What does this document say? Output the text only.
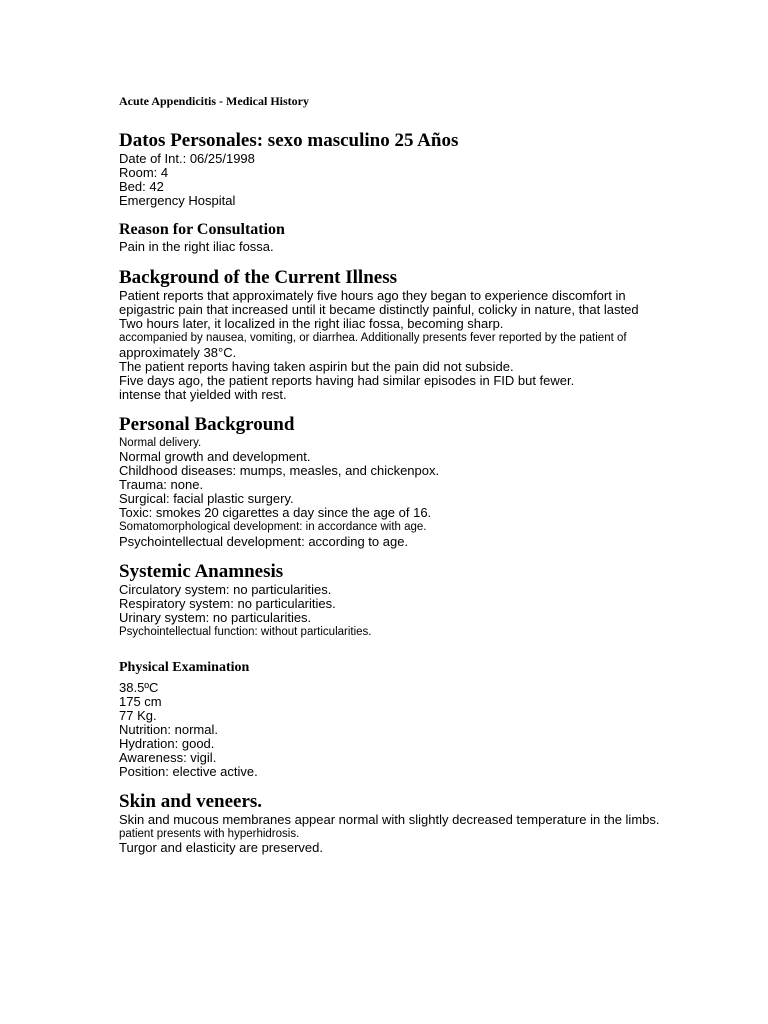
Acute Appendicitis - Medical History
Datos Personales: sexo masculino 25 Años
Date of Int.: 06/25/1998
Room: 4
Bed: 42
Emergency Hospital
Reason for Consultation
Pain in the right iliac fossa.
Background of the Current Illness
Patient reports that approximately five hours ago they began to experience discomfort in
epigastric pain that increased until it became distinctly painful, colicky in nature, that lasted
Two hours later, it localized in the right iliac fossa, becoming sharp.
accompanied by nausea, vomiting, or diarrhea. Additionally presents fever reported by the patient of
approximately 38°C.
The patient reports having taken aspirin but the pain did not subside.
Five days ago, the patient reports having had similar episodes in FID but fewer.
intense that yielded with rest.
Personal Background
Normal delivery.
Normal growth and development.
Childhood diseases: mumps, measles, and chickenpox.
Trauma: none.
Surgical: facial plastic surgery.
Toxic: smokes 20 cigarettes a day since the age of 16.
Somatomorphological development: in accordance with age.
Psychointellectual development: according to age.
Systemic Anamnesis
Circulatory system: no particularities.
Respiratory system: no particularities.
Urinary system: no particularities.
Psychointellectual function: without particularities.
Physical Examination
38.5ºC
175 cm
77 Kg.
Nutrition: normal.
Hydration: good.
Awareness: vigil.
Position: elective active.
Skin and veneers.
Skin and mucous membranes appear normal with slightly decreased temperature in the limbs.
patient presents with hyperhidrosis.
Turgor and elasticity are preserved.
